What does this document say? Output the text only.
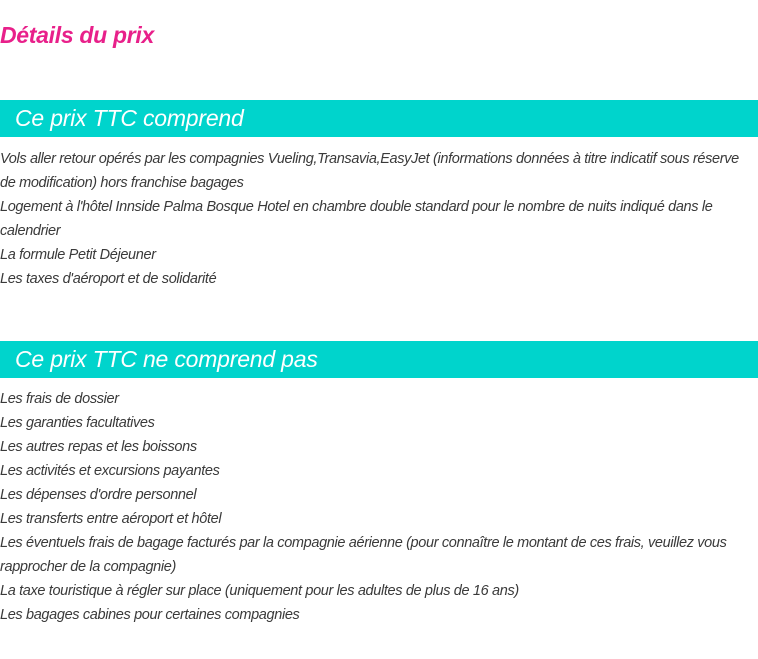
Détails du prix
Ce prix TTC comprend
Vols aller retour opérés par les compagnies Vueling,Transavia,EasyJet (informations données à titre indicatif sous réserve de modification) hors franchise bagages
Logement à l'hôtel Innside Palma Bosque Hotel en chambre double standard pour le nombre de nuits indiqué dans le calendrier
La formule Petit Déjeuner
Les taxes d'aéroport et de solidarité
Ce prix TTC ne comprend pas
Les frais de dossier
Les garanties facultatives
Les autres repas et les boissons
Les activités et excursions payantes
Les dépenses d'ordre personnel
Les transferts entre aéroport et hôtel
Les éventuels frais de bagage facturés par la compagnie aérienne (pour connaître le montant de ces frais, veuillez vous rapprocher de la compagnie)
La taxe touristique à régler sur place (uniquement pour les adultes de plus de 16 ans)
Les bagages cabines pour certaines compagnies
